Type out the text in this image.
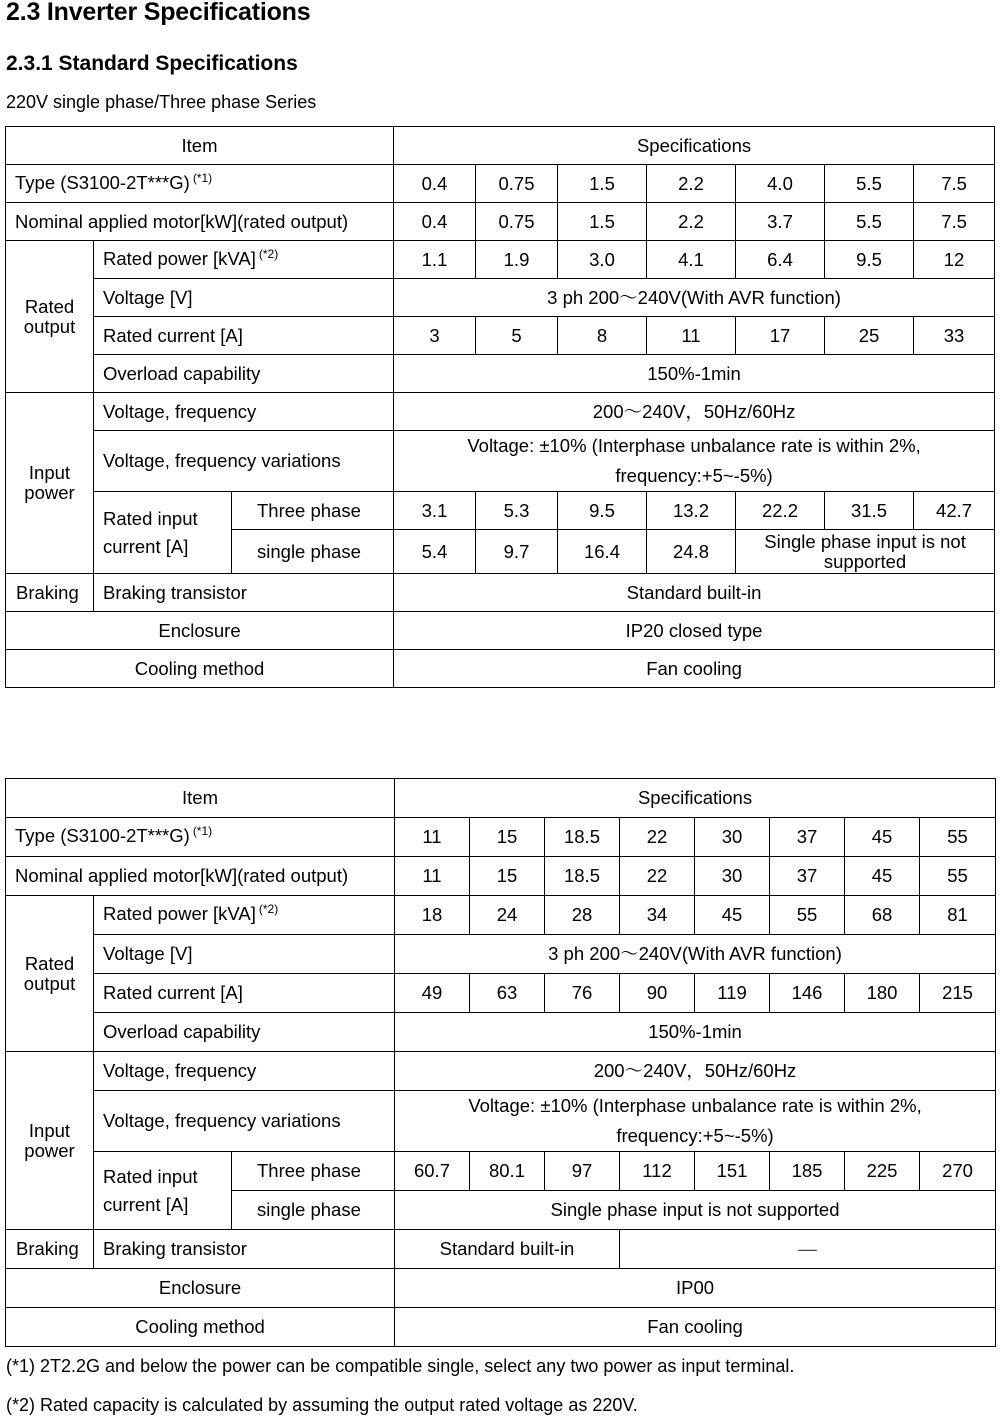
2.3 Inverter Specifications
2.3.1 Standard Specifications

220V single phase/Three phase Series

Item			Specifications						
Type (S3100-2T***G) $^{(*1)}$			0.4	0.75	1.5	2.2	4.0	5.5	7.5
Nominal applied motor[kW](rated output)			0.4	0.75	1.5	2.2	3.7	5.5	7.5
Rated output	Rated power [kVA] $^{(*2)}$		1.1	1.9	3.0	4.1	6.4	9.5	12
	Voltage [V]		3 ph 200～240V(With AVR function)						
	Rated current [A]		3	5	8	11	17	25	33
	Overload capability		150%-1min						
Input power	Voltage, frequency		200～240V，50Hz/60Hz						
	Voltage, frequency variations		Voltage: ±10% (Interphase unbalance rate is within 2%,
frequency:+5~-5%)						

	Rated input current [A]	Three phase	3.1	5.3	9.5	13.2	22.2	31.5	42.7
		single phase	5.4	9.7	16.4	24.8	Single phase input is not supported		
Braking	Braking transistor		Standard built-in						
Enclosure			IP20 closed type						
Cooling method			Fan cooling						
Item			Specifications							
Type (S3100-2T***G) $^{(*1)}$			11	15	18.5	22	30	37	45	55
Nominal applied motor[kW](rated output)			11	15	18.5	22	30	37	45	55
Rated output	Rated power [kVA] $^{(*2)}$		18	24	28	34	45	55	68	81
	Voltage [V]		3 ph 200～240V(With AVR function)							
	Rated current [A]		49	63	76	90	119	146	180	215
	Overload capability		150%-1min							
Input power	Voltage, frequency		200～240V，50Hz/60Hz							
	Voltage, frequency variations		Voltage: ±10% (Interphase unbalance rate is within 2%,
frequency:+5~-5%)							

	Rated input current [A]	Three phase	60.7	80.1	97	112	151	185	225	270
		single phase	Single phase input is not supported							
Braking	Braking transistor		Standard built-in			—				
Enclosure			IP00							
Cooling method			Fan cooling							

(*1) 2T2.2G and below the power can be compatible single, select any two power as input terminal.

(*2) Rated capacity is calculated by assuming the output rated voltage as 220V.
